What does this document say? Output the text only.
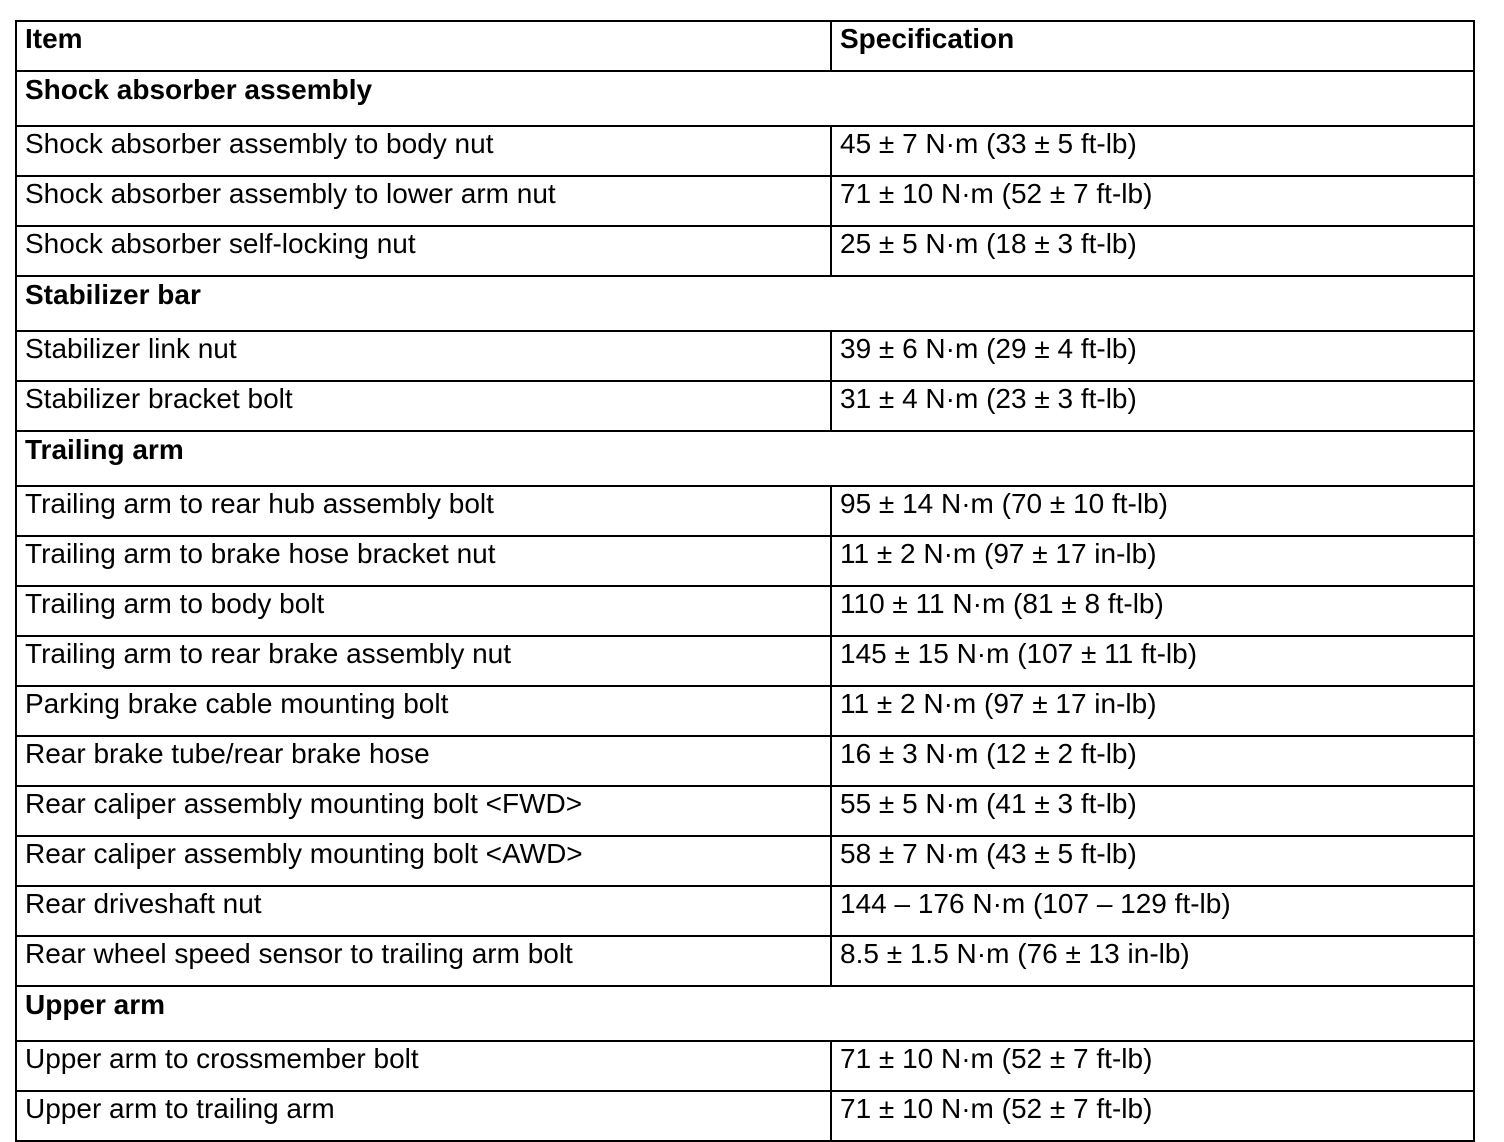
Item	Specification
Shock absorber assembly	
Shock absorber assembly to body nut	45 ± 7 N·m (33 ± 5 ft-lb)
Shock absorber assembly to lower arm nut	71 ± 10 N·m (52 ± 7 ft-lb)
Shock absorber self-locking nut	25 ± 5 N·m (18 ± 3 ft-lb)
Stabilizer bar	
Stabilizer link nut	39 ± 6 N·m (29 ± 4 ft-lb)
Stabilizer bracket bolt	31 ± 4 N·m (23 ± 3 ft-lb)
Trailing arm	
Trailing arm to rear hub assembly bolt	95 ± 14 N·m (70 ± 10 ft-lb)
Trailing arm to brake hose bracket nut	11 ± 2 N·m (97 ± 17 in-lb)
Trailing arm to body bolt	110 ± 11 N·m (81 ± 8 ft-lb)
Trailing arm to rear brake assembly nut	145 ± 15 N·m (107 ± 11 ft-lb)
Parking brake cable mounting bolt	11 ± 2 N·m (97 ± 17 in-lb)
Rear brake tube/rear brake hose	16 ± 3 N·m (12 ± 2 ft-lb)
Rear caliper assembly mounting bolt <FWD>	55 ± 5 N·m (41 ± 3 ft-lb)
Rear caliper assembly mounting bolt <AWD>	58 ± 7 N·m (43 ± 5 ft-lb)
Rear driveshaft nut	144 – 176 N·m (107 – 129 ft-lb)
Rear wheel speed sensor to trailing arm bolt	8.5 ± 1.5 N·m (76 ± 13 in-lb)
Upper arm	
Upper arm to crossmember bolt	71 ± 10 N·m (52 ± 7 ft-lb)
Upper arm to trailing arm	71 ± 10 N·m (52 ± 7 ft-lb)
